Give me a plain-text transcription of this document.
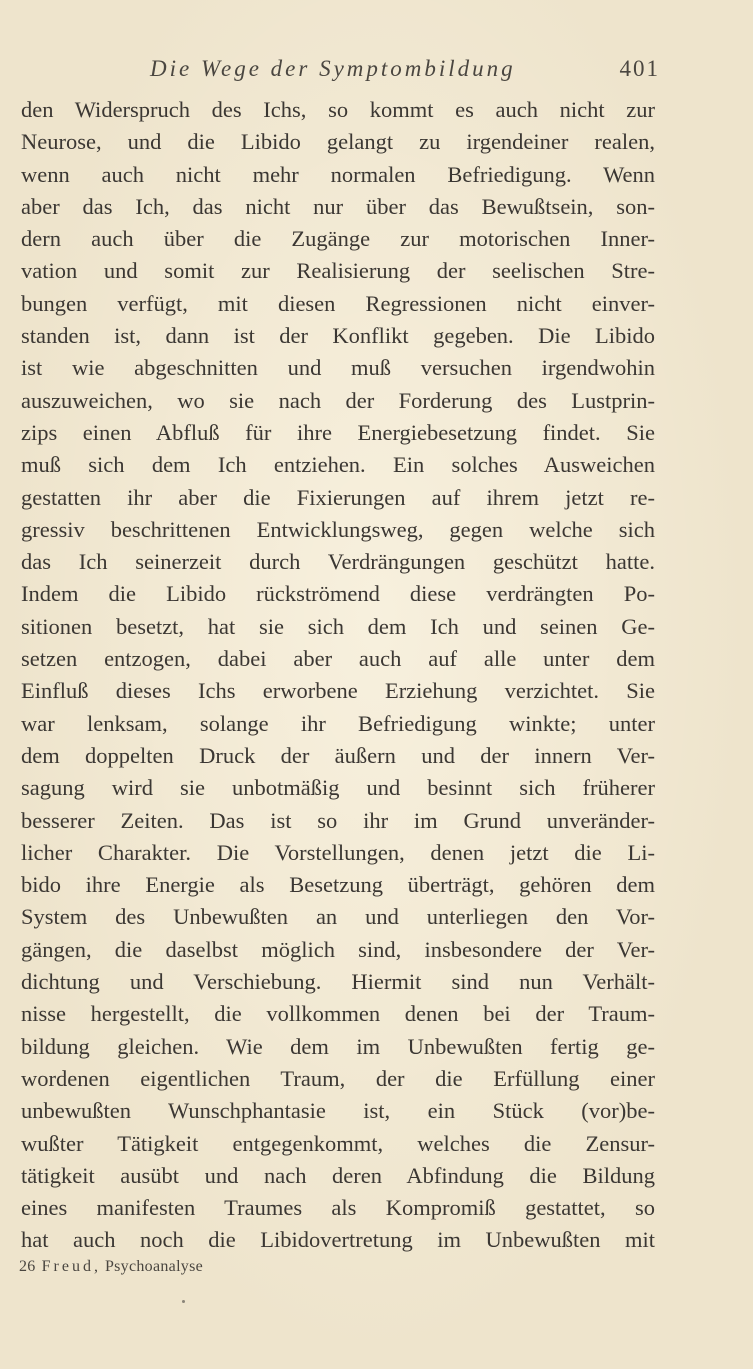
Die Wege der Symptombildung	401
den Widerspruch des Ichs, so kommt es auch nicht zur
Neurose, und die Libido gelangt zu irgendeiner realen,
wenn auch nicht mehr normalen Befriedigung. Wenn
aber das Ich, das nicht nur über das Bewußtsein, son-
dern auch über die Zugänge zur motorischen Inner-
vation und somit zur Realisierung der seelischen Stre-
bungen verfügt, mit diesen Regressionen nicht einver-
standen ist, dann ist der Konflikt gegeben. Die Libido
ist wie abgeschnitten und muß versuchen irgendwohin
auszuweichen, wo sie nach der Forderung des Lustprin-
zips einen Abfluß für ihre Energiebesetzung findet. Sie
muß sich dem Ich entziehen. Ein solches Ausweichen
gestatten ihr aber die Fixierungen auf ihrem jetzt re-
gressiv beschrittenen Entwicklungsweg, gegen welche sich
das Ich seinerzeit durch Verdrängungen geschützt hatte.
Indem die Libido rückströmend diese verdrängten Po-
sitionen besetzt, hat sie sich dem Ich und seinen Ge-
setzen entzogen, dabei aber auch auf alle unter dem
Einfluß dieses Ichs erworbene Erziehung verzichtet. Sie
war lenksam, solange ihr Befriedigung winkte; unter
dem doppelten Druck der äußern und der innern Ver-
sagung wird sie unbotmäßig und besinnt sich früherer
besserer Zeiten. Das ist so ihr im Grund unveränder-
licher Charakter. Die Vorstellungen, denen jetzt die Li-
bido ihre Energie als Besetzung überträgt, gehören dem
System des Unbewußten an und unterliegen den Vor-
gängen, die daselbst möglich sind, insbesondere der Ver-
dichtung und Verschiebung. Hiermit sind nun Verhält-
nisse hergestellt, die vollkommen denen bei der Traum-
bildung gleichen. Wie dem im Unbewußten fertig ge-
wordenen eigentlichen Traum, der die Erfüllung einer
unbewußten Wunschphantasie ist, ein Stück (vor)be-
wußter Tätigkeit entgegenkommt, welches die Zensur-
tätigkeit ausübt und nach deren Abfindung die Bildung
eines manifesten Traumes als Kompromiß gestattet, so
hat auch noch die Libidovertretung im Unbewußten mit
26 Freud, Psychoanalyse
